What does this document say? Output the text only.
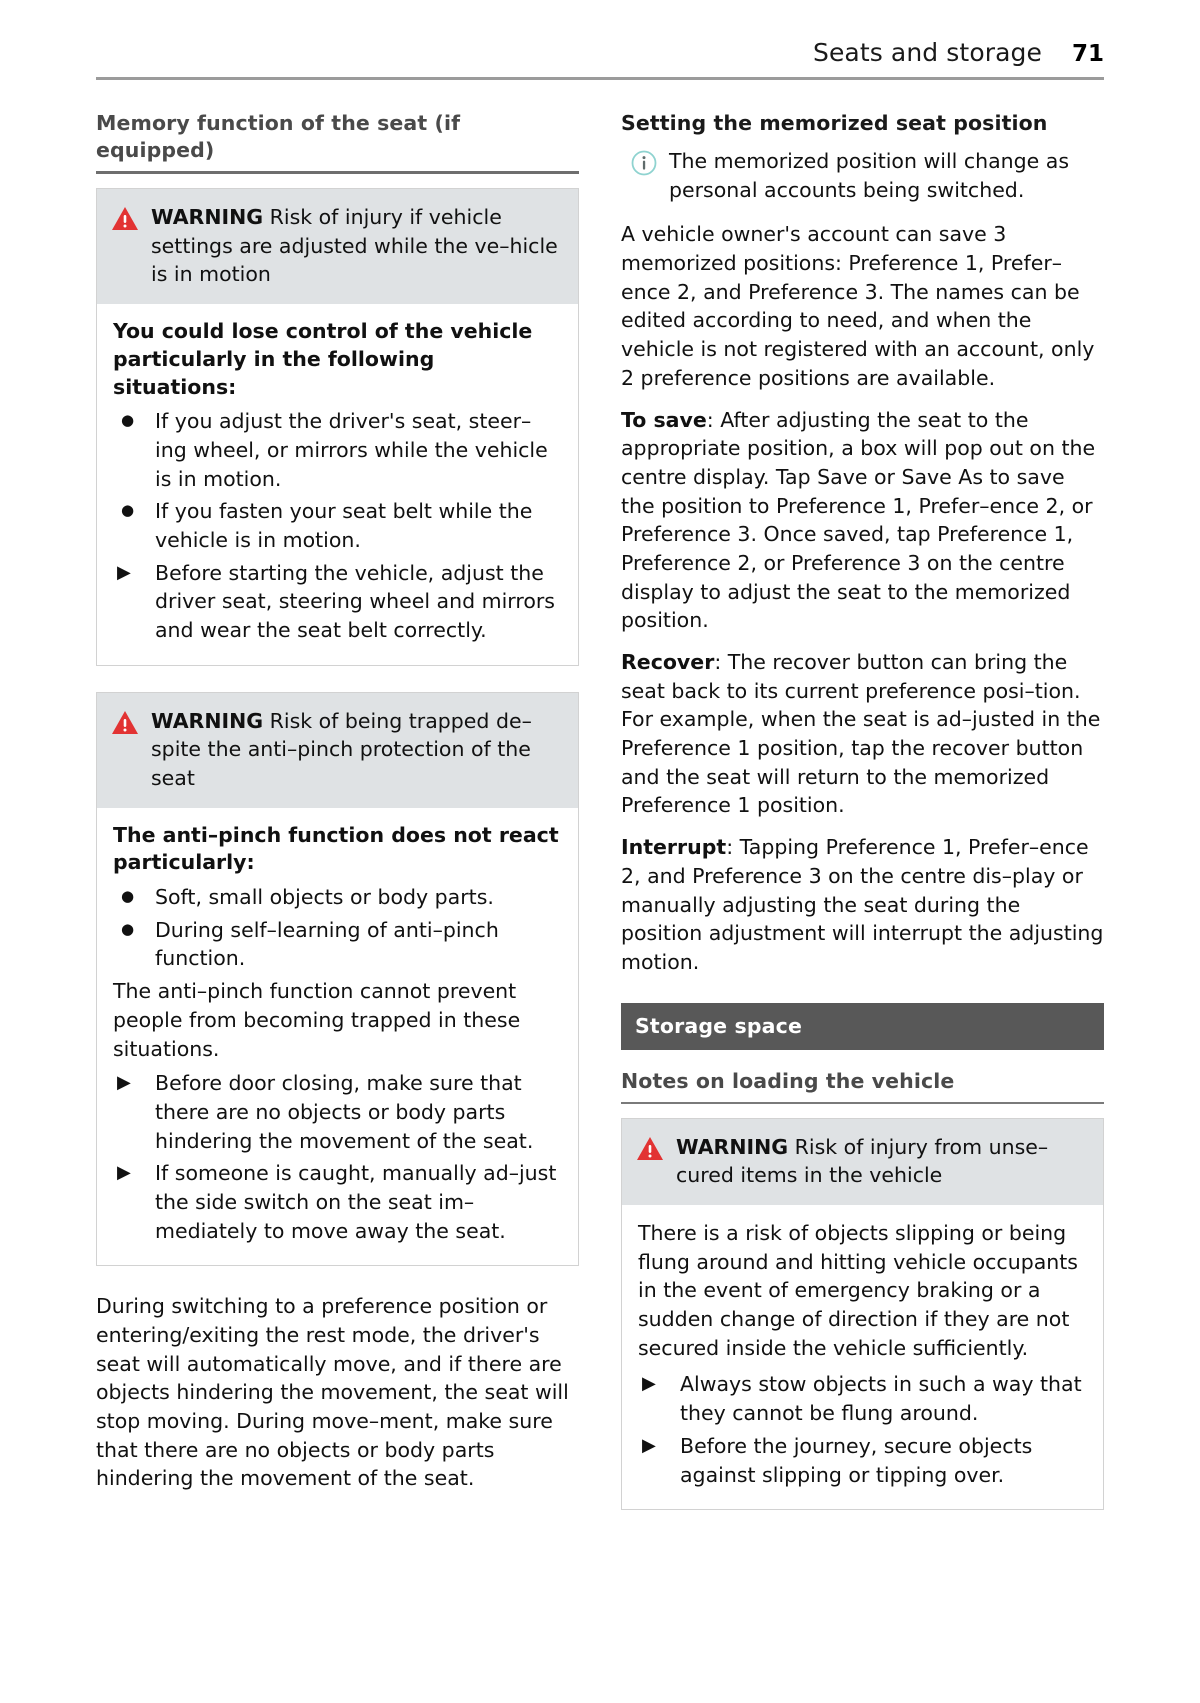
Seats and storage 71
Memory function of the seat (if equipped)
WARNING Risk of injury if vehicle settings are adjusted while the ve–hicle is in motion

You could lose control of the vehicle particularly in the following situations:

● If you adjust the driver's seat, steer–ing wheel, or mirrors while the vehicle is in motion.
● If you fasten your seat belt while the vehicle is in motion.
▶ Before starting the vehicle, adjust the driver seat, steering wheel and mirrors and wear the seat belt correctly.
WARNING Risk of being trapped de–spite the anti–pinch protection of the seat

The anti–pinch function does not react particularly:

● Soft, small objects or body parts.
● During self–learning of anti–pinch function.

The anti–pinch function cannot prevent people from becoming trapped in these situations.

▶ Before door closing, make sure that there are no objects or body parts hindering the movement of the seat.
▶ If someone is caught, manually ad–just the side switch on the seat im–mediately to move away the seat.

During switching to a preference position or entering/exiting the rest mode, the driver's seat will automatically move, and if there are objects hindering the movement, the seat will stop moving. During move–ment, make sure that there are no objects or body parts hindering the movement of the seat.

Setting the memorized seat position
The memorized position will change as personal accounts being switched.

A vehicle owner's account can save 3 memorized positions: Preference 1, Prefer–ence 2, and Preference 3. The names can be edited according to need, and when the vehicle is not registered with an account, only 2 preference positions are available.

To save: After adjusting the seat to the appropriate position, a box will pop out on the centre display. Tap Save or Save As to save the position to Preference 1, Prefer–ence 2, or Preference 3. Once saved, tap Preference 1, Preference 2, or Preference 3 on the centre display to adjust the seat to the memorized position.

Recover: The recover button can bring the seat back to its current preference posi–tion. For example, when the seat is ad–justed in the Preference 1 position, tap the recover button and the seat will return to the memorized Preference 1 position.

Interrupt: Tapping Preference 1, Prefer–ence 2, and Preference 3 on the centre dis–play or manually adjusting the seat during the position adjustment will interrupt the adjusting motion.

Storage space
Notes on loading the vehicle
WARNING Risk of injury from unse–cured items in the vehicle

There is a risk of objects slipping or being flung around and hitting vehicle occupants in the event of emergency braking or a sudden change of direction if they are not secured inside the vehicle sufficiently.

▶ Always stow objects in such a way that they cannot be flung around.
▶ Before the journey, secure objects against slipping or tipping over.
